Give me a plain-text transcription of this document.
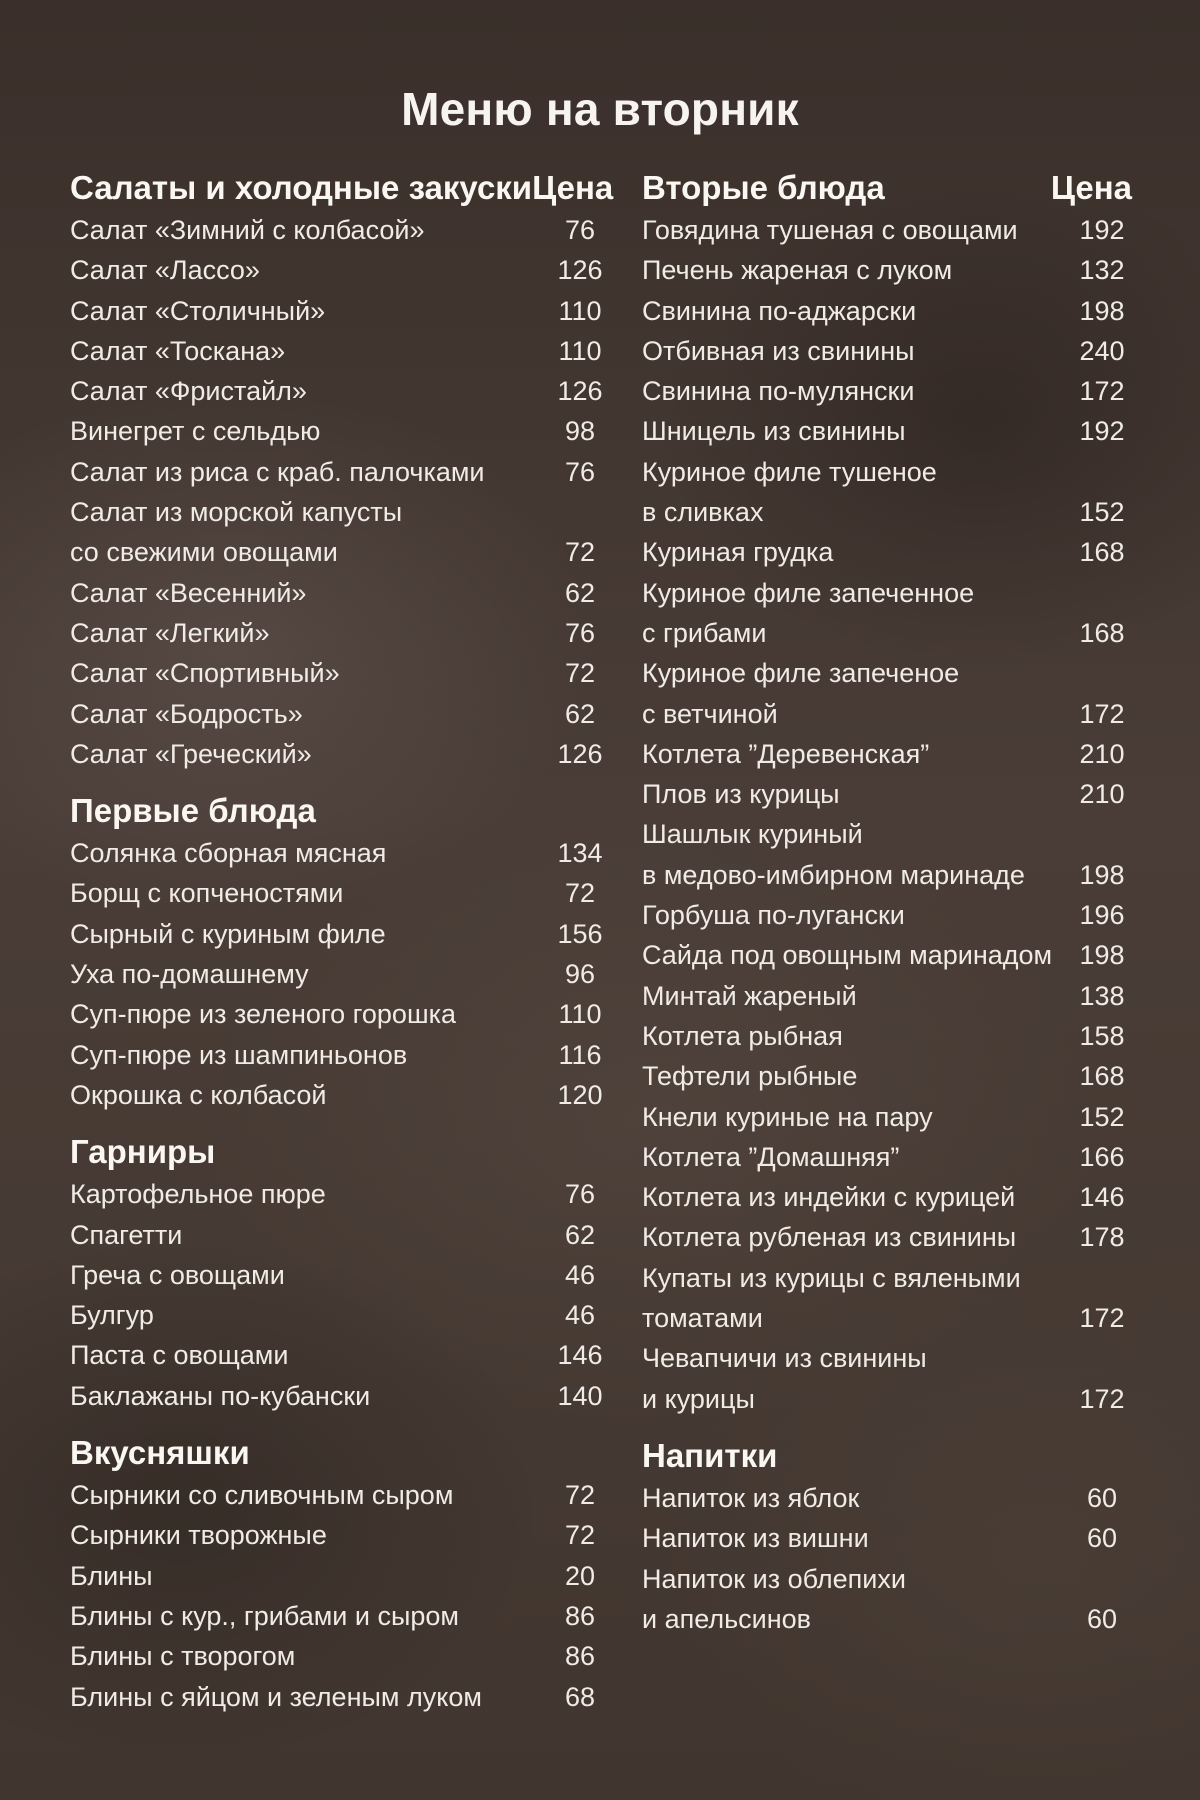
Меню на вторник
Салаты и холодные закуски Цена
Салат «Зимний с колбасой»	76
Салат «Лассо»	126
Салат «Столичный»	110
Салат «Тоскана»	110
Салат «Фристайл»	126
Винегрет с сельдью	98
Салат из риса с краб. палочками	76
Салат из морской капусты
со свежими овощами	72
Салат «Весенний»	62
Салат «Легкий»	76
Салат «Спортивный»	72
Салат «Бодрость»	62
Салат «Греческий»	126
Первые блюда
Солянка сборная мясная	134
Борщ с копченостями	72
Сырный с куриным филе	156
Уха по-домашнему	96
Суп-пюре из зеленого горошка	110
Суп-пюре из шампиньонов	116
Окрошка с колбасой	120
Гарниры
Картофельное пюре	76
Спагетти	62
Греча с овощами	46
Булгур	46
Паста с овощами	146
Баклажаны по-кубански	140
Вкусняшки
Сырники со сливочным сыром	72
Сырники творожные	72
Блины	20
Блины с кур., грибами и сыром	86
Блины с творогом	86
Блины с яйцом и зеленым луком	68
Вторые блюда	Цена
Говядина тушеная с овощами 192
Печень жареная с луком	132
Свинина по-аджарски	198
Отбивная из свинины	240
Свинина по-мулянски	172
Шницель из свинины	192
Куриное филе тушеное
в сливках	152
Куриная грудка	168
Куриное филе запеченное
с грибами	168
Куриное филе запеченое
с ветчиной	172
Котлета ”Деревенская”	210
Плов из курицы	210
Шашлык куриный
в медово-имбирном маринаде 198
Горбуша по-лугански	196
Сайда под овощным маринадом 198
Минтай жареный	138
Котлета рыбная	158
Тефтели рыбные	168
Кнели куриные на пару	152
Котлета ”Домашняя”	166
Котлета из индейки с курицей 146
Котлета рубленая из свинины 178
Купаты из курицы с вялеными
томатами	172
Чевапчичи из свинины
и курицы	172
Напитки
Напиток из яблок	60
Напиток из вишни	60
Напиток из облепихи
и апельсинов	60
